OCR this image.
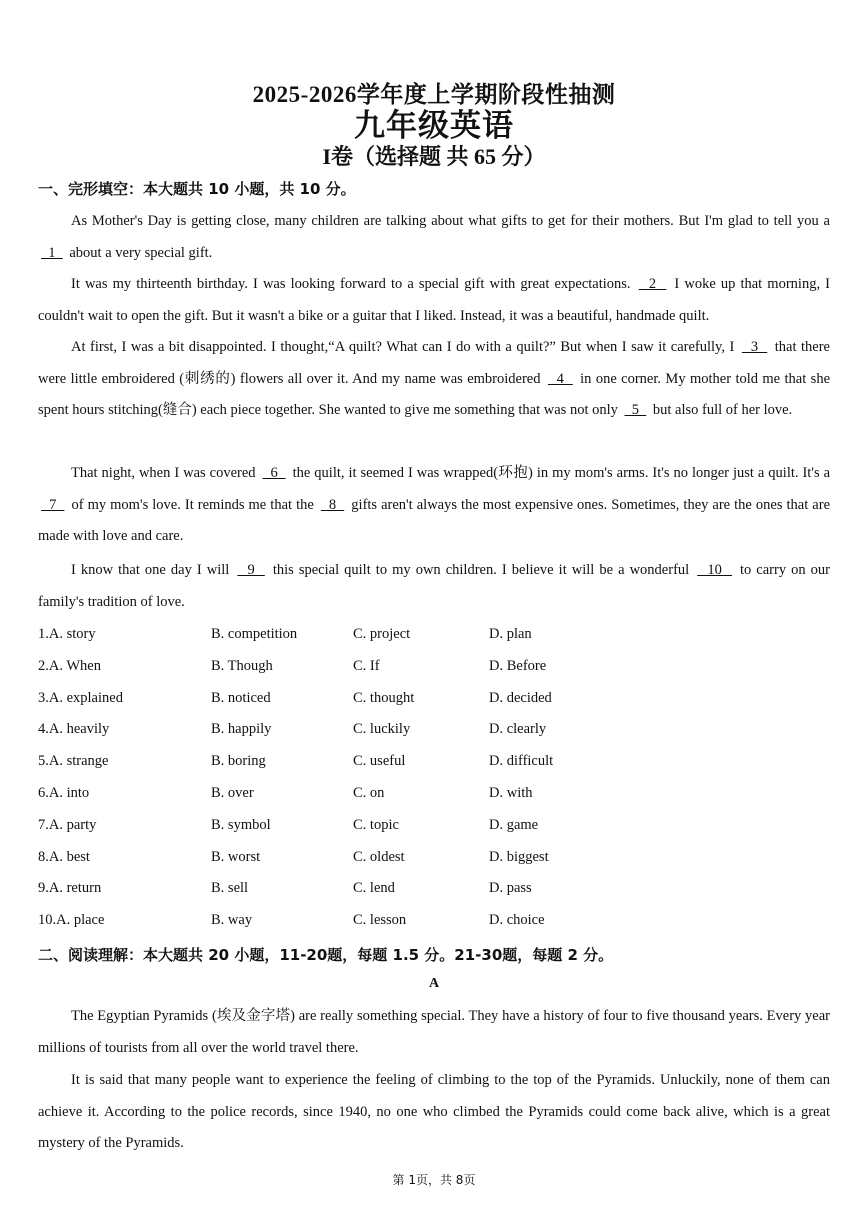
2025-2026学年度上学期阶段性抽测
九年级英语
I卷（选择题 共 65 分）
一、完形填空：本大题共 10 小题，共 10 分。
As Mother's Day is getting close, many children are talking about what gifts to get for their mothers. But I'm glad to tell you a   1   about a very special gift.
It was my thirteenth birthday. I was looking forward to a special gift with great expectations.   2   I woke up that morning, I couldn't wait to open the gift. But it wasn't a bike or a guitar that I liked. Instead, it was a beautiful, handmade quilt.
At first, I was a bit disappointed. I thought,“A quilt? What can I do with a quilt?” But when I saw it carefully, I   3   that there were little embroidered (刺绣的) flowers all over it. And my name was embroidered   4   in one corner. My mother told me that she spent hours stitching(缝合) each piece together. She wanted to give me something that was not only   5   but also full of her love.
That night, when I was covered   6   the quilt, it seemed I was wrapped(环抱) in my mom's arms. It's no longer just a quilt. It's a   7   of my mom's love. It reminds me that the   8   gifts aren't always the most expensive ones. Sometimes, they are the ones that are made with love and care.
I know that one day I will   9   this special quilt to my own children. I believe it will be a wonderful   10   to carry on our family's tradition of love.
1.A. story	B. competition	C. project	D. plan
2.A. When	B. Though	C. If	D. Before
3.A. explained	B. noticed	C. thought	D. decided
4.A. heavily	B. happily	C. luckily	D. clearly
5.A. strange	B. boring	C. useful	D. difficult
6.A. into	B. over	C. on	D. with
7.A. party	B. symbol	C. topic	D. game
8.A. best	B. worst	C. oldest	D. biggest
9.A. return	B. sell	C. lend	D. pass
10.A. place	B. way	C. lesson	D. choice
二、阅读理解：本大题共 20 小题，11-20题，每题 1.5 分。21-30题，每题 2 分。
A
The Egyptian Pyramids (埃及金字塔) are really something special. They have a history of four to five thousand years. Every year millions of tourists from all over the world travel there.
It is said that many people want to experience the feeling of climbing to the top of the Pyramids. Unluckily, none of them can achieve it. According to the police records, since 1940, no one who climbed the Pyramids could come back alive, which is a great mystery of the Pyramids.
第 1页，共 8页
